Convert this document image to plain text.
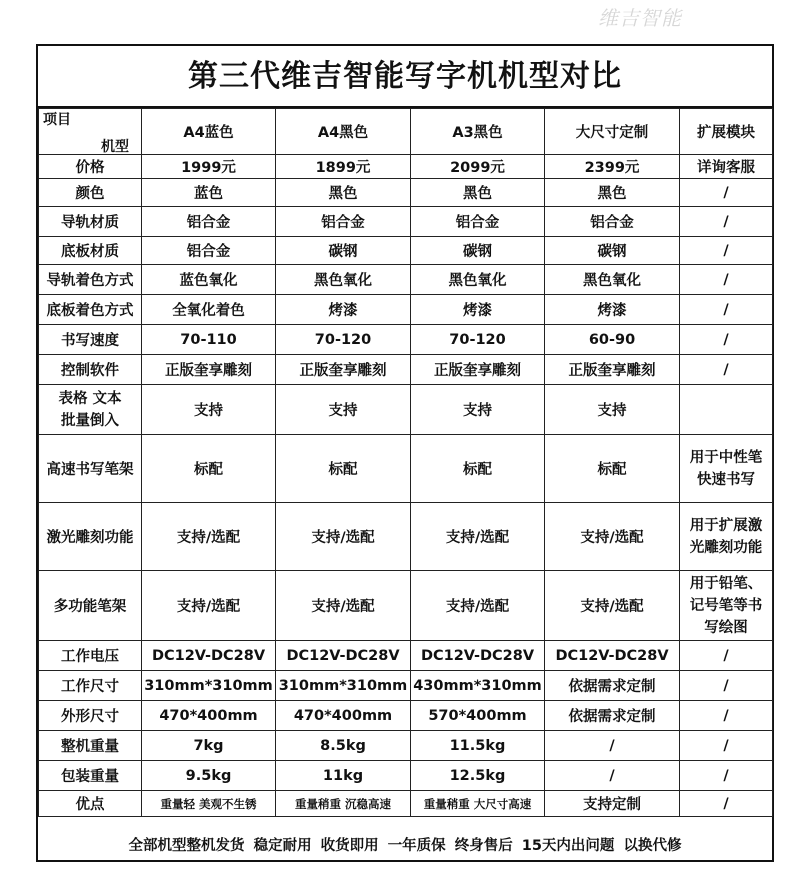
维吉智能
第三代维吉智能写字机机型对比
机型
项目	A4蓝色	A4黑色	A3黑色	大尺寸定制	扩展模块
价格	1999元	1899元	2099元	2399元	详询客服
颜色	蓝色	黑色	黑色	黑色	/
导轨材质	铝合金	铝合金	铝合金	铝合金	/
底板材质	铝合金	碳钢	碳钢	碳钢	/
导轨着色方式	蓝色氧化	黑色氧化	黑色氧化	黑色氧化	/
底板着色方式	全氧化着色	烤漆	烤漆	烤漆	/
书写速度	70-110	70-120	70-120	60-90	/
控制软件	正版奎享雕刻	正版奎享雕刻	正版奎享雕刻	正版奎享雕刻	/
表格 文本 批量倒入	支持	支持	支持	支持	
高速书写笔架	标配	标配	标配	标配	用于中性笔快速书写
激光雕刻功能	支持/选配	支持/选配	支持/选配	支持/选配	用于扩展激光雕刻功能
多功能笔架	支持/选配	支持/选配	支持/选配	支持/选配	用于铅笔、记号笔等书写绘图
工作电压	DC12V-DC28V	DC12V-DC28V	DC12V-DC28V	DC12V-DC28V	/
工作尺寸	310mm*310mm	310mm*310mm	430mm*310mm	依据需求定制	/
外形尺寸	470*400mm	470*400mm	570*400mm	依据需求定制	/
整机重量	7kg	8.5kg	11.5kg	/	/
包装重量	9.5kg	11kg	12.5kg	/	/
优点	重量轻 美观不生锈	重量稍重 沉稳高速	重量稍重 大尺寸高速	支持定制	/
全部机型整机发货 稳定耐用 收货即用 一年质保 终身售后 15天内出问题 以换代修
